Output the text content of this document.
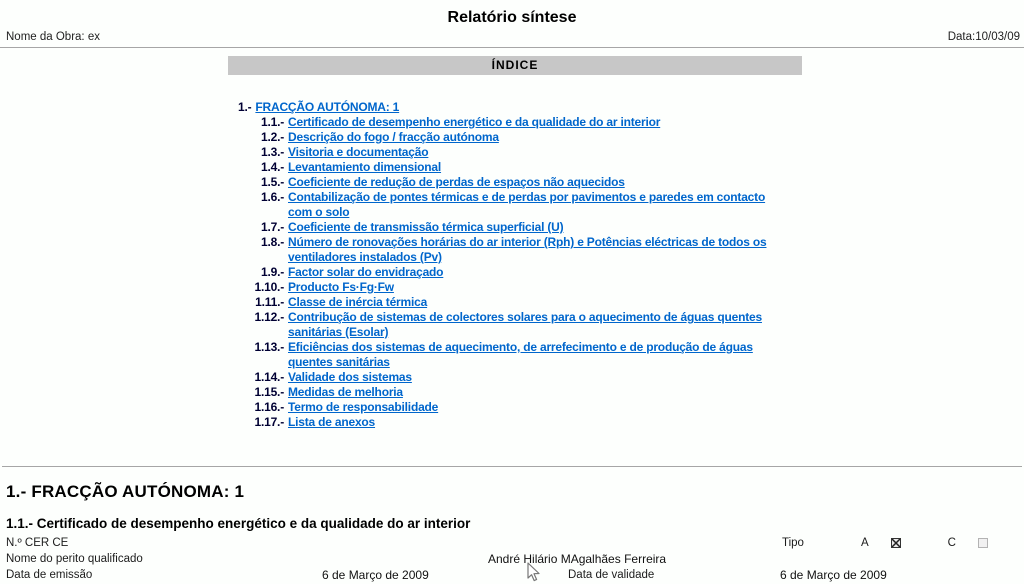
Relatório síntese
Nome da Obra: ex	Data:10/03/09
ÍNDICE
1.- FRACÇÃO AUTÓNOMA: 1
1.1.- Certificado de desempenho energético e da qualidade do ar interior
1.2.- Descrição do fogo / fracção autónoma
1.3.- Visitoria e documentação
1.4.- Levantamiento dimensional
1.5.- Coeficiente de redução de perdas de espaços não aquecidos
1.6.- Contabilização de pontes térmicas e de perdas por pavimentos e paredes em contacto com o solo
1.7.- Coeficiente de transmissão térmica superficial (U)
1.8.- Número de ronovações horárias do ar interior (Rph) e Potências eléctricas de todos os ventiladores instalados (Pv)
1.9.- Factor solar do envidraçado
1.10.- Producto Fs·Fg·Fw
1.11.- Classe de inércia térmica
1.12.- Contribução de sistemas de colectores solares para o aquecimento de águas quentes sanitárias (Esolar)
1.13.- Eficiências dos sistemas de aquecimento, de arrefecimento e de produção de águas quentes sanitárias
1.14.- Validade dos sistemas
1.15.- Medidas de melhoria
1.16.- Termo de responsabilidade
1.17.- Lista de anexos
1.- FRACÇÃO AUTÓNOMA: 1
1.1.- Certificado de desempenho energético e da qualidade do ar interior
N.º CER CE	Tipo	A	C
Nome do perito qualificado	André Hilário MAgalhães Ferreira
Data de emissão	6 de Março de 2009	Data de validade	6 de Março de 2009
